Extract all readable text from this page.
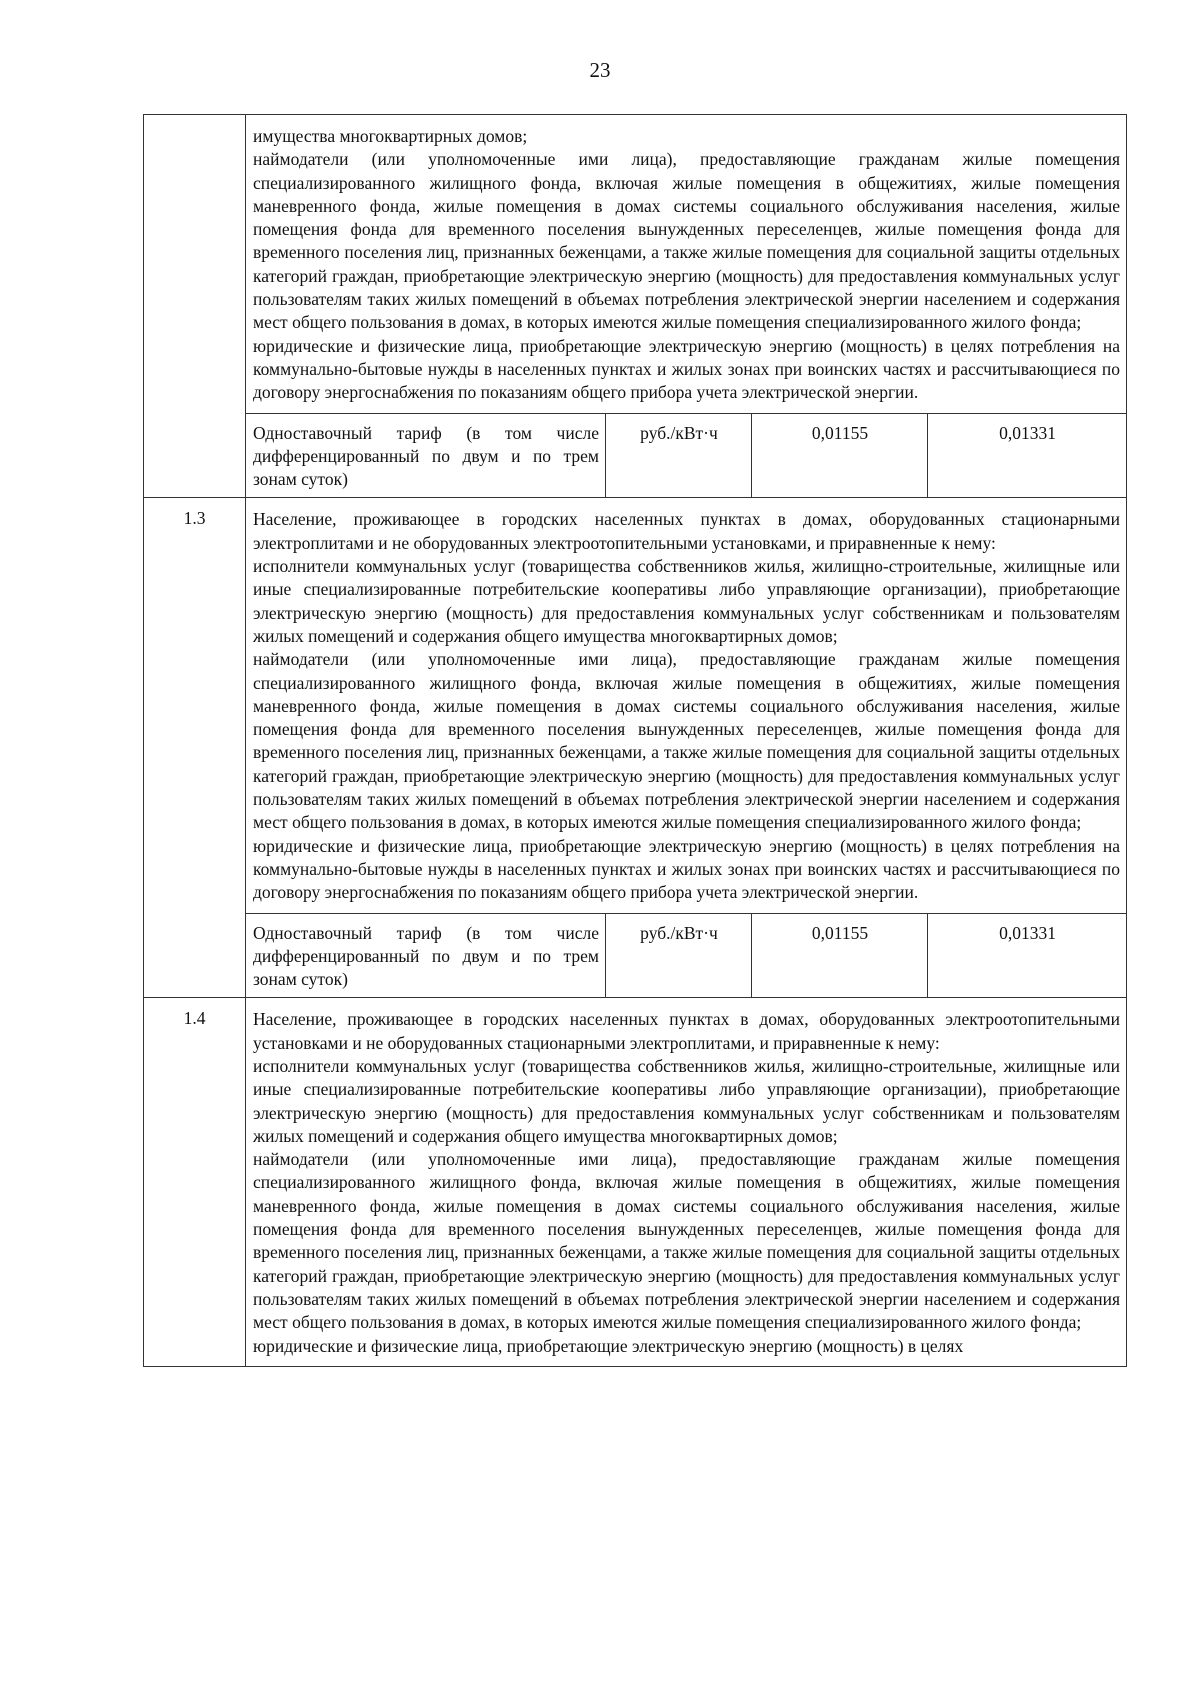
23

имущества многоквартирных домов;

наймодатели (или уполномоченные ими лица), предоставляющие гражданам жилые помещения специализированного жилищного фонда, включая жилые помещения в общежитиях, жилые помещения маневренного фонда, жилые помещения в домах системы социального обслуживания населения, жилые помещения фонда для временного поселения вынужденных переселенцев, жилые помещения фонда для временного поселения лиц, признанных беженцами, а также жилые помещения для социальной защиты отдельных категорий граждан, приобретающие электрическую энергию (мощность) для предоставления коммунальных услуг пользователям таких жилых помещений в объемах потребления электрической энергии населением и содержания мест общего пользования в домах, в которых имеются жилые помещения специализированного жилого фонда;

юридические и физические лица, приобретающие электрическую энергию (мощность) в целях потребления на коммунально-бытовые нужды в населенных пунктах и жилых зонах при воинских частях и рассчитывающиеся по договору энергоснабжения по показаниям общего прибора учета электрической энергии.

Одноставочный тариф (в том числе дифференцированный по двум и по трем зонам суток)	руб./кВт·ч	0,01155	0,01331

1.3	Население, проживающее в городских населенных пунктах в домах, оборудованных стационарными электроплитами и не оборудованных электроотопительными установками, и приравненные к нему:

исполнители коммунальных услуг (товарищества собственников жилья, жилищно-строительные, жилищные или иные специализированные потребительские кооперативы либо управляющие организации), приобретающие электрическую энергию (мощность) для предоставления коммунальных услуг собственникам и пользователям жилых помещений и содержания общего имущества многоквартирных домов;

наймодатели (или уполномоченные ими лица), предоставляющие гражданам жилые помещения специализированного жилищного фонда, включая жилые помещения в общежитиях, жилые помещения маневренного фонда, жилые помещения в домах системы социального обслуживания населения, жилые помещения фонда для временного поселения вынужденных переселенцев, жилые помещения фонда для временного поселения лиц, признанных беженцами, а также жилые помещения для социальной защиты отдельных категорий граждан, приобретающие электрическую энергию (мощность) для предоставления коммунальных услуг пользователям таких жилых помещений в объемах потребления электрической энергии населением и содержания мест общего пользования в домах, в которых имеются жилые помещения специализированного жилого фонда;

юридические и физические лица, приобретающие электрическую энергию (мощность) в целях потребления на коммунально-бытовые нужды в населенных пунктах и жилых зонах при воинских частях и рассчитывающиеся по договору энергоснабжения по показаниям общего прибора учета электрической энергии.

Одноставочный тариф (в том числе дифференцированный по двум и по трем зонам суток)	руб./кВт·ч	0,01155	0,01331

1.4	Население, проживающее в городских населенных пунктах в домах, оборудованных электроотопительными установками и не оборудованных стационарными электроплитами, и приравненные к нему:

исполнители коммунальных услуг (товарищества собственников жилья, жилищно-строительные, жилищные или иные специализированные потребительские кооперативы либо управляющие организации), приобретающие электрическую энергию (мощность) для предоставления коммунальных услуг собственникам и пользователям жилых помещений и содержания общего имущества многоквартирных домов;

наймодатели (или уполномоченные ими лица), предоставляющие гражданам жилые помещения специализированного жилищного фонда, включая жилые помещения в общежитиях, жилые помещения маневренного фонда, жилые помещения в домах системы социального обслуживания населения, жилые помещения фонда для временного поселения вынужденных переселенцев, жилые помещения фонда для временного поселения лиц, признанных беженцами, а также жилые помещения для социальной защиты отдельных категорий граждан, приобретающие электрическую энергию (мощность) для предоставления коммунальных услуг пользователям таких жилых помещений в объемах потребления электрической энергии населением и содержания мест общего пользования в домах, в которых имеются жилые помещения специализированного жилого фонда;

юридические и физические лица, приобретающие электрическую энергию (мощность) в целях
